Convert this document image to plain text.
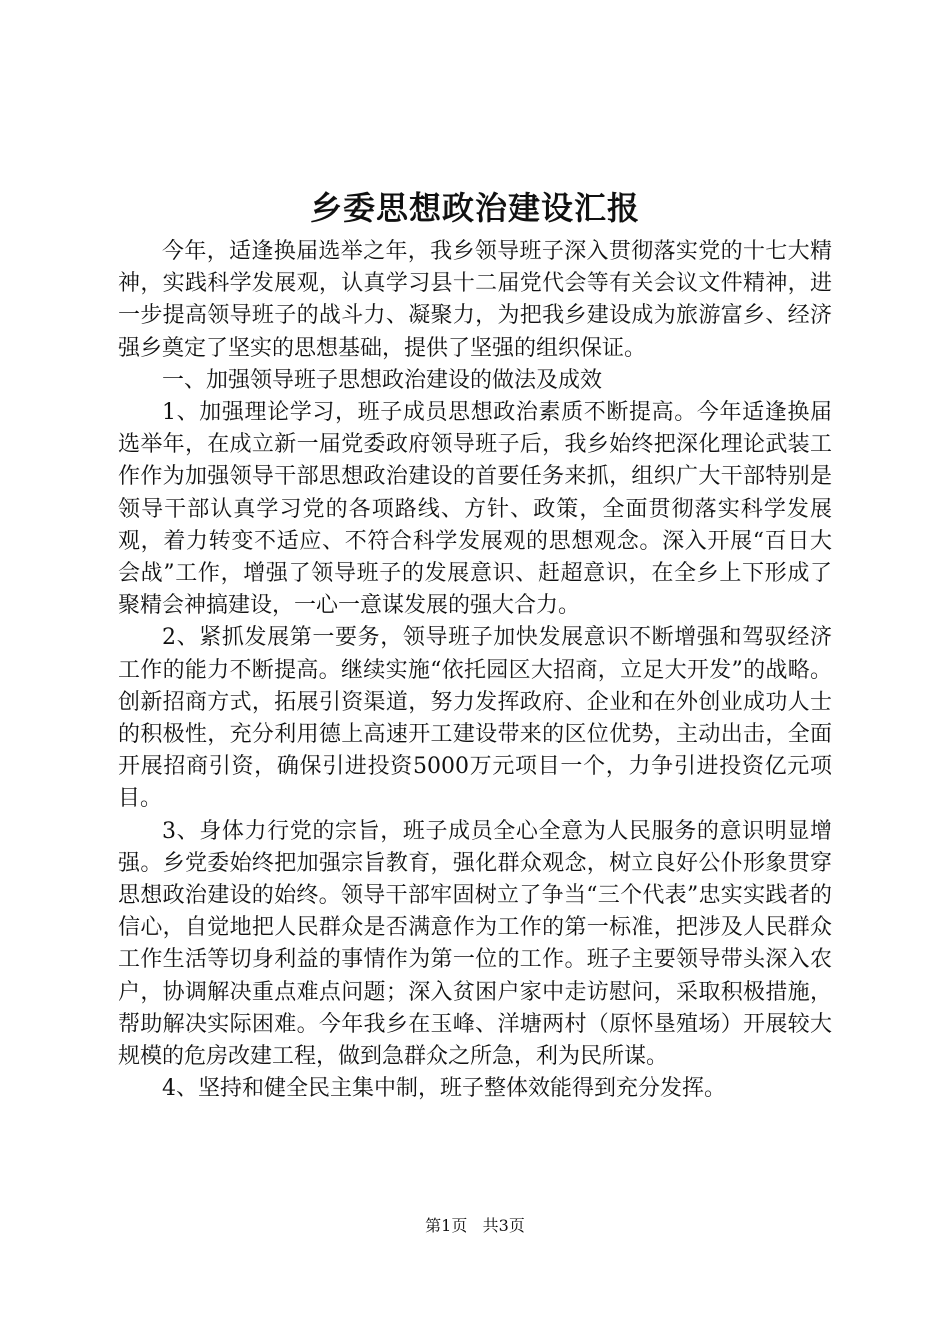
乡委思想政治建设汇报

今年，适逢换届选举之年，我乡领导班子深入贯彻落实党的十七大精神，实践科学发展观，认真学习县十二届党代会等有关会议文件精神，进一步提高领导班子的战斗力、凝聚力，为把我乡建设成为旅游富乡、经济强乡奠定了坚实的思想基础，提供了坚强的组织保证。

一、加强领导班子思想政治建设的做法及成效

1、加强理论学习，班子成员思想政治素质不断提高。今年适逢换届选举年，在成立新一届党委政府领导班子后，我乡始终把深化理论武装工作作为加强领导干部思想政治建设的首要任务来抓，组织广大干部特别是领导干部认真学习党的各项路线、方针、政策，全面贯彻落实科学发展观，着力转变不适应、不符合科学发展观的思想观念。深入开展“百日大会战”工作，增强了领导班子的发展意识、赶超意识，在全乡上下形成了聚精会神搞建设，一心一意谋发展的强大合力。

2、紧抓发展第一要务，领导班子加快发展意识不断增强和驾驭经济工作的能力不断提高。继续实施“依托园区大招商，立足大开发”的战略。创新招商方式，拓展引资渠道，努力发挥政府、企业和在外创业成功人士的积极性，充分利用德上高速开工建设带来的区位优势，主动出击，全面开展招商引资，确保引进投资5000万元项目一个，力争引进投资亿元项目。

3、身体力行党的宗旨，班子成员全心全意为人民服务的意识明显增强。乡党委始终把加强宗旨教育，强化群众观念，树立良好公仆形象贯穿思想政治建设的始终。领导干部牢固树立了争当“三个代表”忠实实践者的信心，自觉地把人民群众是否满意作为工作的第一标准，把涉及人民群众工作生活等切身利益的事情作为第一位的工作。班子主要领导带头深入农户，协调解决重点难点问题；深入贫困户家中走访慰问，采取积极措施，帮助解决实际困难。今年我乡在玉峰、洋塘两村（原怀垦殖场）开展较大规模的危房改建工程，做到急群众之所急，利为民所谋。

4、坚持和健全民主集中制，班子整体效能得到充分发挥。

第1页 共3页
